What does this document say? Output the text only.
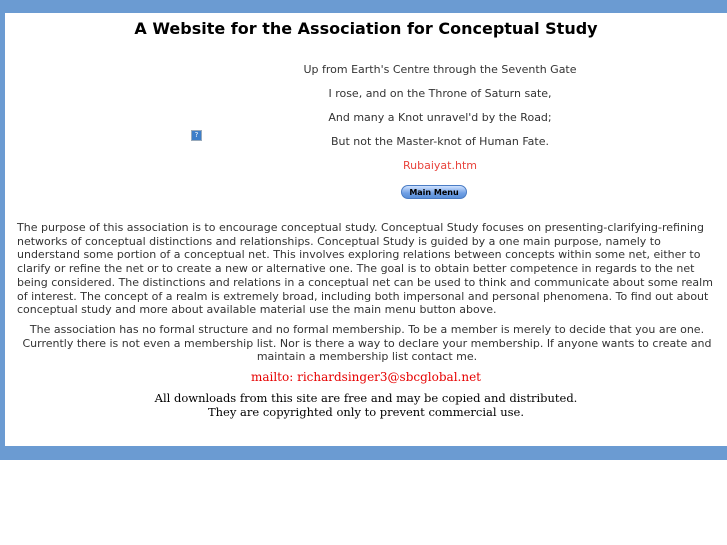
A Website for the Association for Conceptual Study
?
Up from Earth's Centre through the Seventh Gate
I rose, and on the Throne of Saturn sate,
And many a Knot unravel'd by the Road;
But not the Master-knot of Human Fate.
Rubaiyat.htm
Main Menu

The purpose of this association is to encourage conceptual study. Conceptual Study focuses on presenting-clarifying-refining networks of conceptual distinctions and relationships. Conceptual Study is guided by a one main purpose, namely to understand some portion of a conceptual net. This involves exploring relations between concepts within some net, either to clarify or refine the net or to create a new or alternative one. The goal is to obtain better competence in regards to the net being considered. The distinctions and relations in a conceptual net can be used to think and communicate about some realm of interest. The concept of a realm is extremely broad, including both impersonal and personal phenomena. To find out about conceptual study and more about available material use the main menu button above.

The association has no formal structure and no formal membership. To be a member is merely to decide that you are one. Currently there is not even a membership list. Nor is there a way to declare your membership. If anyone wants to create and maintain a membership list contact me.

mailto: richardsinger3@sbcglobal.net
All downloads from this site are free and may be copied and distributed.
They are copyrighted only to prevent commercial use.
